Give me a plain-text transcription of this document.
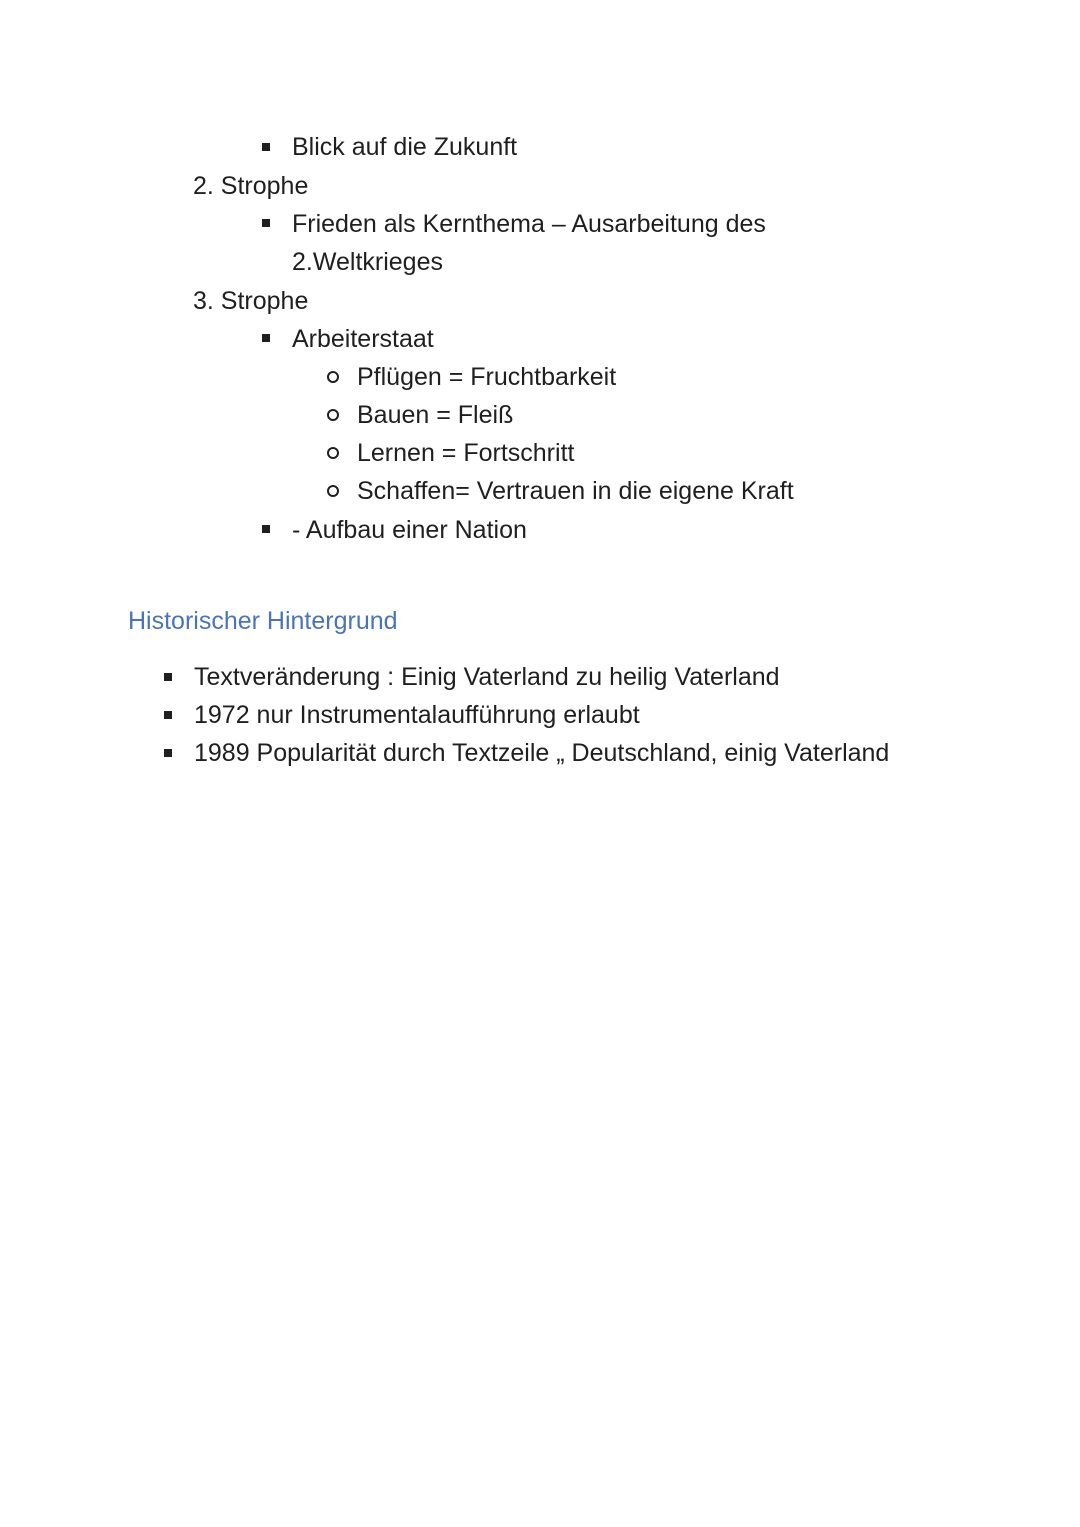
Blick auf die Zukunft
2. Strophe
Frieden als Kernthema – Ausarbeitung des
2.Weltkrieges
3. Strophe
Arbeiterstaat
Pflügen = Fruchtbarkeit
Bauen = Fleiß
Lernen = Fortschritt
Schaffen= Vertrauen in die eigene Kraft
- Aufbau einer Nation
Historischer Hintergrund
Textveränderung : Einig Vaterland zu heilig Vaterland
1972 nur Instrumentalaufführung erlaubt
1989 Popularität durch Textzeile „ Deutschland, einig Vaterland
